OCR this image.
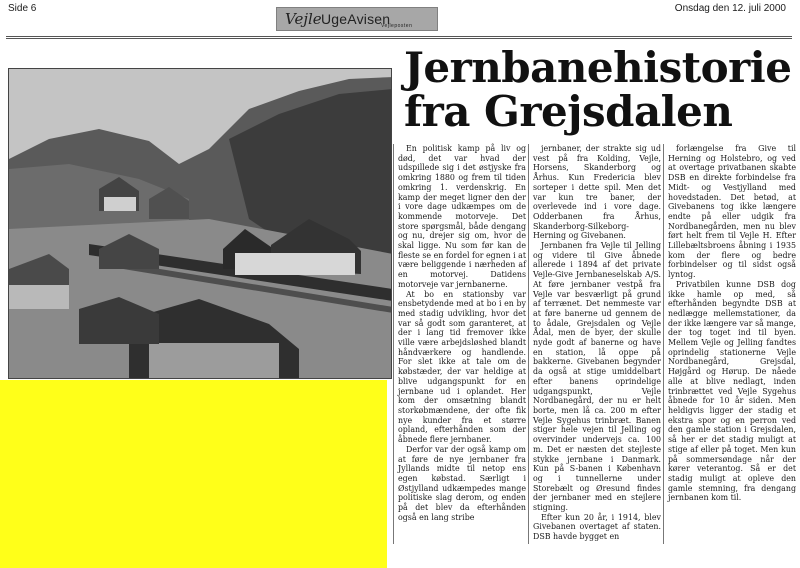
Side 6
Vejle UgeAvisen
Vejleposten
Onsdag den 12. juli 2000
Jernbanehistorie
fra Grejsdalen

En politisk kamp på liv og død, det var hvad der udspillede sig i det østjyske fra omkring 1880 og frem til tiden omkring 1. verdenskrig. En kamp der meget ligner den der i vore dage udkæmpes om de kommende motorveje. Det store spørgsmål, både dengang og nu, drejer sig om, hvor de skal ligge. Nu som før kan de fleste se en fordel for egnen i at være beliggende i nærheden af en motorvej. Datidens motorveje var jernbanerne.

At bo en stationsby var ensbetydende med at bo i en by med stadig udvikling, hvor det var så godt som garanteret, at der i lang tid fremover ikke ville være arbejdsløshed blandt håndværkere og handlende. For slet ikke at tale om de købstæder, der var heldige at blive udgangspunkt for en jernbane ud i oplandet. Her kom der omsætning blandt storkøbmændene, der ofte fik nye kunder fra et større opland, efterhånden som der åbnede flere jernbaner.

Derfor var der også kamp om at føre de nye jernbaner fra Jyllands midte til netop ens egen købstad. Særligt i Østjylland udkæmpedes mange politiske slag derom, og enden på det blev da efterhånden også en lang stribe

jernbaner, der strakte sig ud vest på fra Kolding, Vejle, Horsens, Skanderborg og Århus. Kun Fredericia blev sorteper i dette spil. Men det var kun tre baner, der overlevede ind i vore dage. Odderbanen fra Århus, Skanderborg-Silkeborg-Herning og Givebanen.

Jernbanen fra Vejle til Jelling og videre til Give åbnede allerede i 1894 af det private Vejle-Give Jernbaneselskab A/S. At føre jernbaner vestpå fra Vejle var besværligt på grund af terrænet. Det nemmeste var at føre banerne ud gennem de to ådale, Grejsdalen og Vejle Ådal, men de byer, der skulle nyde godt af banerne og have en station, lå oppe på bakkerne. Givebanen begynder da også at stige umiddelbart efter banens oprindelige udgangspunkt, Vejle Nordbanegård, der nu er helt borte, men lå ca. 200 m efter Vejle Sygehus trinbræt. Banen stiger hele vejen til Jelling og overvinder undervejs ca. 100 m. Det er næsten det stejleste stykke jernbane i Danmark. Kun på S-banen i København og i tunnellerne under Storebælt og Øresund findes der jernbaner med en stejlere stigning.

Efter kun 20 år, i 1914, blev Givebanen overtaget af staten. DSB havde bygget en

forlængelse fra Give til Herning og Holstebro, og ved at overtage privatbanen skabte DSB en direkte forbindelse fra Midt- og Vestjylland med hovedstaden. Det betød, at Givebanens tog ikke længere endte på eller udgik fra Nordbanegården, men nu blev ført helt frem til Vejle H. Efter Lillebæltsbroens åbning i 1935 kom der flere og bedre forbindelser og til sidst også lyntog.

Privatbilen kunne DSB dog ikke hamle op med, så efterhånden begyndte DSB at nedlægge mellemstationer, da der ikke længere var så mange, der tog toget ind til byen. Mellem Vejle og Jelling fandtes oprindelig stationerne Vejle Nordbanegård, Grejsdal, Højgård og Hørup. De nåede alle at blive nedlagt, inden trinbrættet ved Vejle Sygehus åbnede for 10 år siden. Men heldigvis ligger der stadig et ekstra spor og en perron ved den gamle station i Grejsdalen, så her er det stadig muligt at stige af eller på toget. Men kun på sommersøndage når der kører veterantog. Så er det stadig muligt at opleve den gamle stemning, fra dengang jernbanen kom til.
